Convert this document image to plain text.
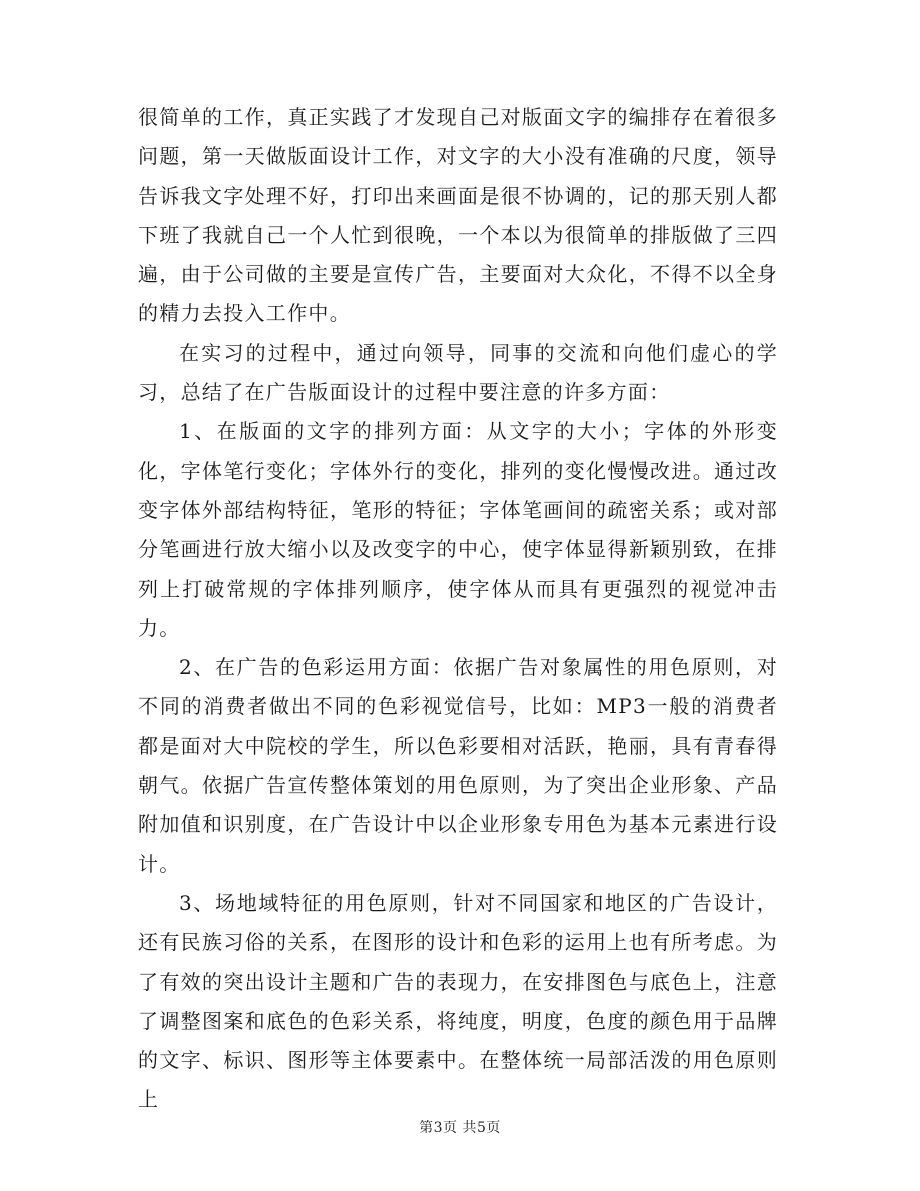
很简单的工作，真正实践了才发现自己对版面文字的编排存在着很多问题，第一天做版面设计工作，对文字的大小没有准确的尺度，领导告诉我文字处理不好，打印出来画面是很不协调的，记的那天别人都下班了我就自己一个人忙到很晚，一个本以为很简单的排版做了三四遍，由于公司做的主要是宣传广告，主要面对大众化，不得不以全身的精力去投入工作中。

在实习的过程中，通过向领导，同事的交流和向他们虚心的学习，总结了在广告版面设计的过程中要注意的许多方面：

1、在版面的文字的排列方面：从文字的大小；字体的外形变化，字体笔行变化；字体外行的变化，排列的变化慢慢改进。通过改变字体外部结构特征，笔形的特征；字体笔画间的疏密关系；或对部分笔画进行放大缩小以及改变字的中心，使字体显得新颖别致，在排列上打破常规的字体排列顺序，使字体从而具有更强烈的视觉冲击力。

2、在广告的色彩运用方面：依据广告对象属性的用色原则，对不同的消费者做出不同的色彩视觉信号，比如：MP3一般的消费者都是面对大中院校的学生，所以色彩要相对活跃，艳丽，具有青春得朝气。依据广告宣传整体策划的用色原则，为了突出企业形象、产品附加值和识别度，在广告设计中以企业形象专用色为基本元素进行设计。

3、场地域特征的用色原则，针对不同国家和地区的广告设计，还有民族习俗的关系，在图形的设计和色彩的运用上也有所考虑。为了有效的突出设计主题和广告的表现力，在安排图色与底色上，注意了调整图案和底色的色彩关系，将纯度，明度，色度的颜色用于品牌的文字、标识、图形等主体要素中。在整体统一局部活泼的用色原则上

第3页 共5页
